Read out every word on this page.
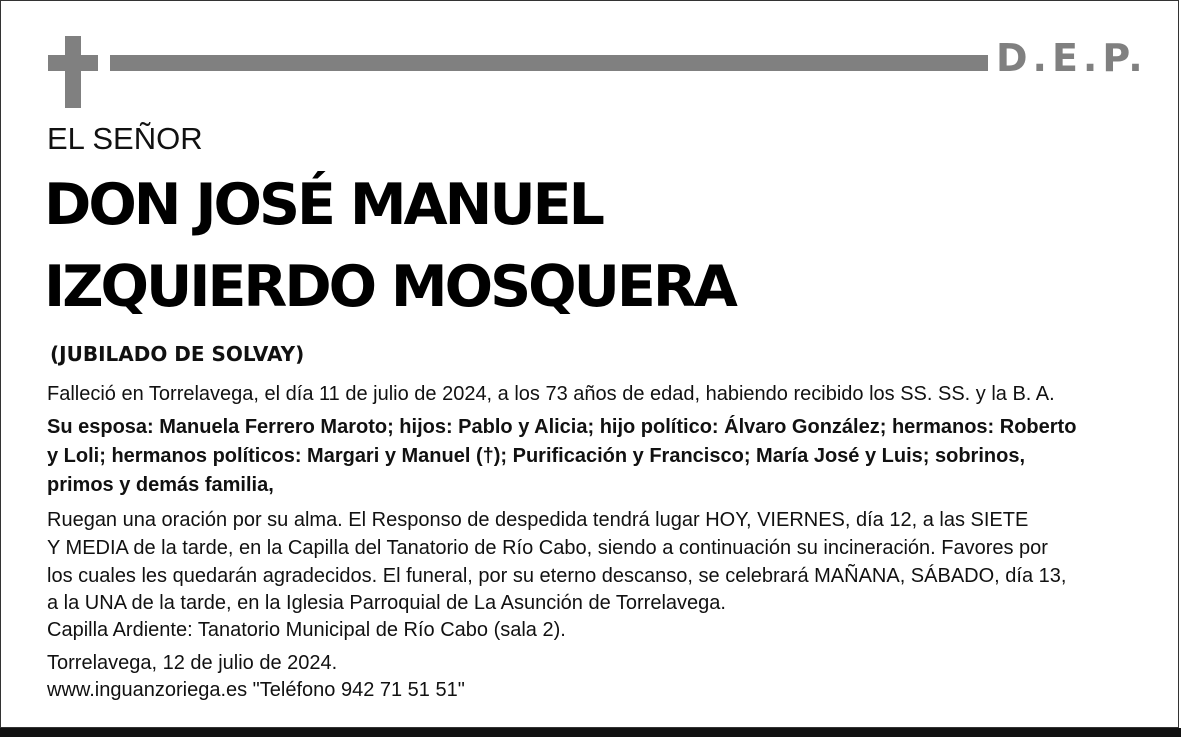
D.E.P.
EL SEÑOR
DON JOSÉ MANUEL
IZQUIERDO MOSQUERA
(JUBILADO DE SOLVAY)
Falleció en Torrelavega, el día 11 de julio de 2024, a los 73 años de edad, habiendo recibido los SS. SS. y la B. A.
Su esposa: Manuela Ferrero Maroto; hijos: Pablo y Alicia; hijo político: Álvaro González; hermanos: Roberto
y Loli; hermanos políticos: Margari y Manuel (†); Purificación y Francisco; María José y Luis; sobrinos,
primos y demás familia,
Ruegan una oración por su alma. El Responso de despedida tendrá lugar HOY, VIERNES, día 12, a las SIETE
Y MEDIA de la tarde, en la Capilla del Tanatorio de Río Cabo, siendo a continuación su incineración. Favores por
los cuales les quedarán agradecidos. El funeral, por su eterno descanso, se celebrará MAÑANA, SÁBADO, día 13,
a la UNA de la tarde, en la Iglesia Parroquial de La Asunción de Torrelavega.
Capilla Ardiente: Tanatorio Municipal de Río Cabo (sala 2).
Torrelavega, 12 de julio de 2024.
www.inguanzoriega.es "Teléfono 942 71 51 51"
